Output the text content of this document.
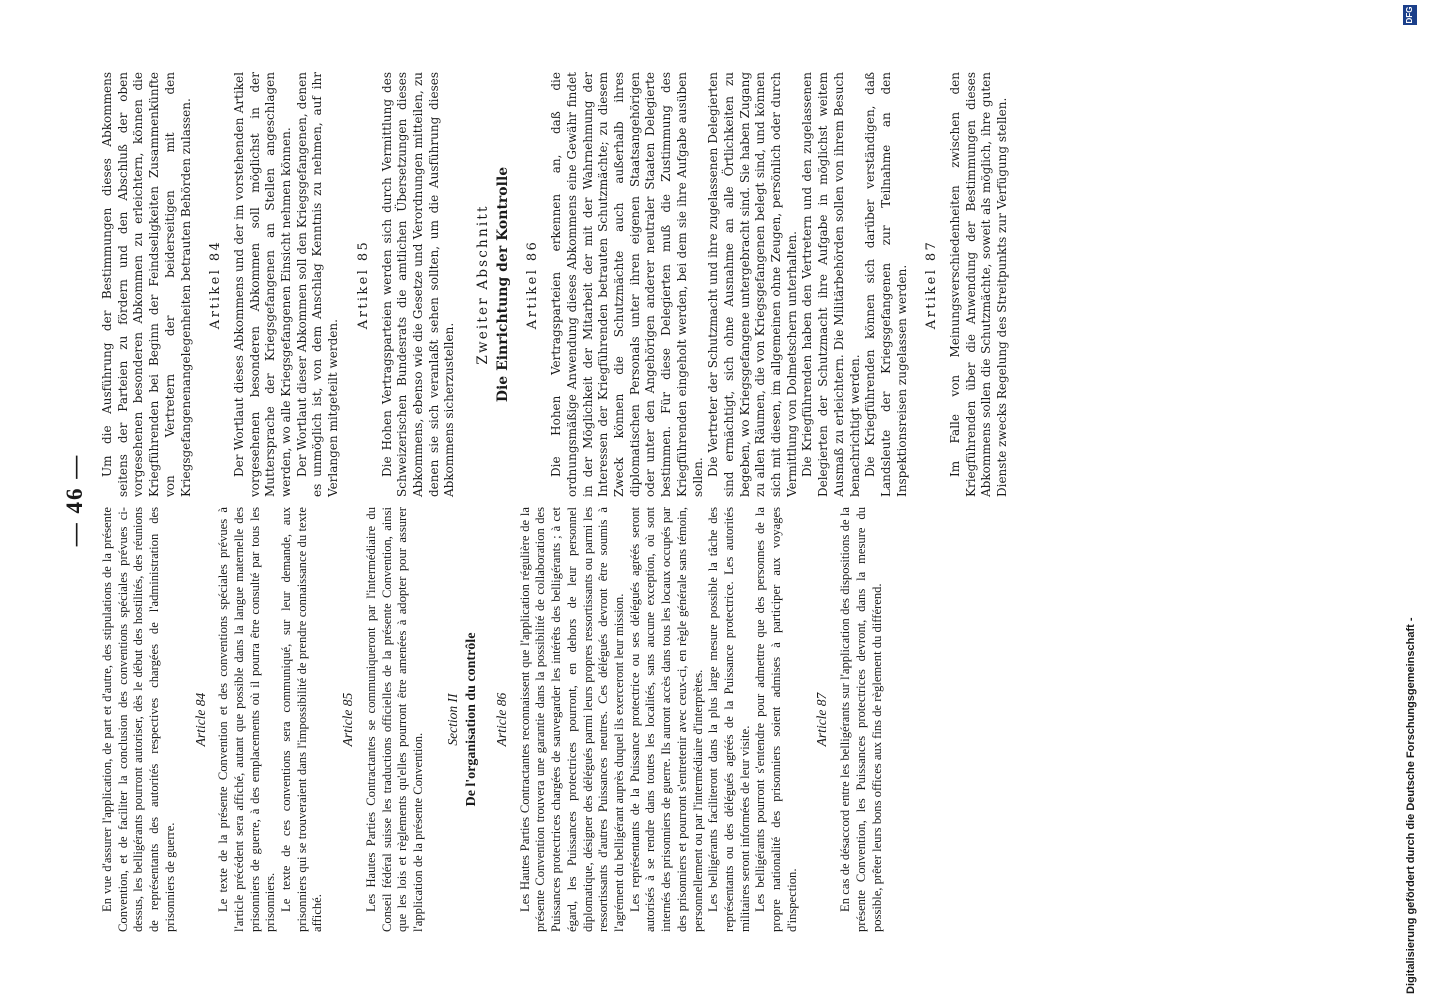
— 46 —

En vue d'assurer l'application, de part et d'autre, des stipulations de la présente Convention, et de faciliter la conclusion des conventions spéciales prévues ci-dessus, les belligérants pourront autoriser, dès le début des hostilités, des réunions de représentants des autorités respectives chargées de l'administration des prisonniers de guerre.

Article 84 Le texte de la présente Convention et des conventions spéciales prévues à l'article précédent sera affiché, autant que possible dans la langue maternelle des prisonniers de guerre, à des emplacements où il pourra être consulté par tous les prisonniers. Le texte de ces conventions sera communiqué, sur leur demande, aux prisonniers qui se trouveraient dans l'impossibilité de prendre connaissance du texte affiché.

Article 85 Les Hautes Parties Contractantes se communiqueront par l'intermédiaire du Conseil fédéral suisse les traductions officielles de la présente Convention, ainsi que les lois et règlements qu'elles pourront être amenées à adopter pour assurer l'application de la présente Convention.

Section II De l'organisation du contrôle Article 86 Les Hautes Parties Contractantes reconnaissent que l'application régulière de la présente Convention trouvera une garantie dans la possibilité de collaboration des Puissances protectrices chargées de sauvegarder les intérêts des belligérants ; à cet égard, les Puissances protectrices pourront, en dehors de leur personnel diplomatique, désigner des délégués parmi leurs propres ressortissants ou parmi les ressortissants d'autres Puissances neutres. Ces délégués devront être soumis à l'agrément du belligérant auprès duquel ils exerceront leur mission. Les représentants de la Puissance protectrice ou ses délégués agréés seront autorisés à se rendre dans toutes les localités, sans aucune exception, où sont internés des prisonniers de guerre. Ils auront accès dans tous les locaux occupés par des prisonniers et pourront s'entretenir avec ceux-ci, en règle générale sans témoin, personnellement ou par l'intermédiaire d'interprètes. Les belligérants faciliteront dans la plus large mesure possible la tâche des représentants ou des délégués agréés de la Puissance protectrice. Les autorités militaires seront informées de leur visite. Les belligérants pourront s'entendre pour admettre que des personnes de la propre nationalité des prisonniers soient admises à participer aux voyages d'inspection.

Article 87 En cas de désaccord entre les belligérants sur l'application des dispositions de la présente Convention, les Puissances protectrices devront, dans la mesure du possible, prêter leurs bons offices aux fins de règlement du différend.

Um die Ausführung der Bestimmungen dieses Abkommens seitens der Parteien zu fördern und den Abschluß der oben vorgesehenen besonderen Abkommen zu erleichtern, können die Kriegführenden bei Beginn der Feindseligkeiten Zusammenkünfte von Vertretern der beiderseitigen mit den Kriegsgefangenenangelegenheiten betrauten Behörden zulassen. Artikel 84 Der Wortlaut dieses Abkommens und der im vorstehenden Artikel vorgesehenen besonderen Abkommen soll möglichst in der Muttersprache der Kriegsgefangenen an Stellen angeschlagen werden, wo alle Kriegsgefangenen Einsicht nehmen können. Der Wortlaut dieser Abkommen soll den Kriegsgefangenen, denen es unmöglich ist, von dem Anschlag Kenntnis zu nehmen, auf ihr Verlangen mitgeteilt werden.

Artikel 85 Die Hohen Vertragsparteien werden sich durch Vermittlung des Schweizerischen Bundesrats die amtlichen Übersetzungen dieses Abkommens, ebenso wie die Gesetze und Verordnungen mitteilen, zu denen sie sich veranlaßt sehen sollten, um die Ausführung dieses Abkommens sicherzustellen.

Zweiter Abschnitt Die Einrichtung der Kontrolle Artikel 86 Die Hohen Vertragsparteien erkennen an, daß die ordnungsmäßige Anwendung dieses Abkommens eine Gewähr findet in der Möglichkeit der Mitarbeit der mit der Wahrnehmung der Interessen der Kriegführenden betrauten Schutzmächte; zu diesem Zweck können die Schutzmächte auch außerhalb ihres diplomatischen Personals unter ihren eigenen Staatsangehörigen oder unter den Angehörigen anderer neutraler Staaten Delegierte bestimmen. Für diese Delegierten muß die Zustimmung des Kriegführenden eingeholt werden, bei dem sie ihre Aufgabe ausüben sollen.

Die Vertreter der Schutzmacht und ihre zugelassenen Delegierten sind ermächtigt, sich ohne Ausnahme an alle Örtlichkeiten zu begeben, wo Kriegsgefangene untergebracht sind. Sie haben Zugang zu allen Räumen, die von Kriegsgefangenen belegt sind, und können sich mit diesen, im allgemeinen ohne Zeugen, persönlich oder durch Vermittlung von Dolmetschern unterhalten. Die Kriegführenden haben den Vertretern und den zugelassenen Delegierten der Schutzmacht ihre Aufgabe in möglichst weitem Ausmaß zu erleichtern. Die Militärbehörden sollen von ihrem Besuch benachrichtigt werden. Die Kriegführenden können sich darüber verständigen, daß Landsleute der Kriegsgefangenen zur Teilnahme an den Inspektionsreisen zugelassen werden. Artikel 87 Im Falle von Meinungsverschiedenheiten zwischen den Kriegführenden über die Anwendung der Bestimmungen dieses Abkommens sollen die Schutzmächte, soweit als möglich, ihre guten Dienste zwecks Regelung des Streitpunkts zur Verfügung stellen.

Digitalisierung gefördert durch die Deutsche Forschungsgemeinschaft -
DFG
